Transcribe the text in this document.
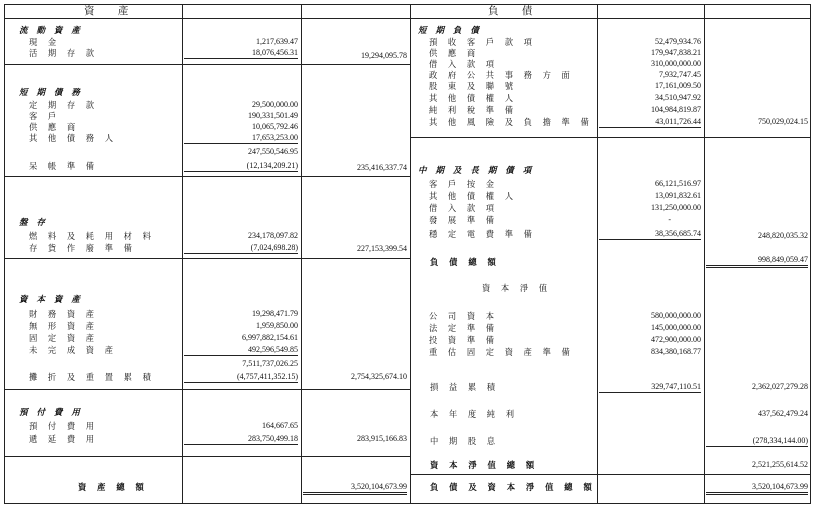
資 產	負 債
流 動 資 產
現 金	1,217,639.47
活 期 存 款	18,076,456.31	19,294,095.78
短 期 債 務
定 期 存 款	29,500,000.00
客 戶	190,331,501.49
供 應 商	10,065,792.46
其 他 債 務 人	17,653,253.00
247,550,546.95
呆 帳 準 備	(12,134,209.21)	235,416,337.74
盤 存
燃 料 及 耗 用 材 料	234,178,097.82
存 貨 作 廢 準 備	(7,024,698.28)	227,153,399.54
資 本 資 產
財 務 資 產	19,298,471.79
無 形 資 產	1,959,850.00
固 定 資 產	6,997,882,154.61
未 完 成 資 產	492,596,549.85
7,511,737,026.25
攤 折 及 重 置 累 積	(4,757,411,352.15)	2,754,325,674.10
預 付 費 用
預 付 費 用	164,667.65
遞 延 費 用	283,750,499.18	283,915,166.83
資 產 總 額	3,520,104,673.99
短 期 負 債
預 收 客 戶 款 項	52,479,934.76
供 應 商	179,947,838.21
借 入 款 項	310,000,000.00
政 府 公 共 事 務 方 面	7,932,747.45
股 東 及 聯 號	17,161,009.50
其 他 債 權 人	34,510,947.92
純 利 稅 準 備	104,984,819.87
其 他 風 險 及 負 擔 準 備	43,011,726.44	750,029,024.15
中 期 及 長 期 債 項
客 戶 按 金	66,121,516.97
其 他 債 權 人	13,091,832.61
借 入 款 項	131,250,000.00
發 展 準 備	-
穩 定 電 費 準 備	38,356,685.74	248,820,035.32
負 債 總 額	998,849,059.47
資 本 淨 值
公 司 資 本	580,000,000.00
法 定 準 備	145,000,000.00
投 資 準 備	472,900,000.00
重 估 固 定 資 產 準 備	834,380,168.77
損 益 累 積	329,747,110.51	2,362,027,279.28
本 年 度 純 利	437,562,479.24
中 期 股 息	(278,334,144.00)
資 本 淨 值 總 額	2,521,255,614.52
負 債 及 資 本 淨 值 總 額	3,520,104,673.99
